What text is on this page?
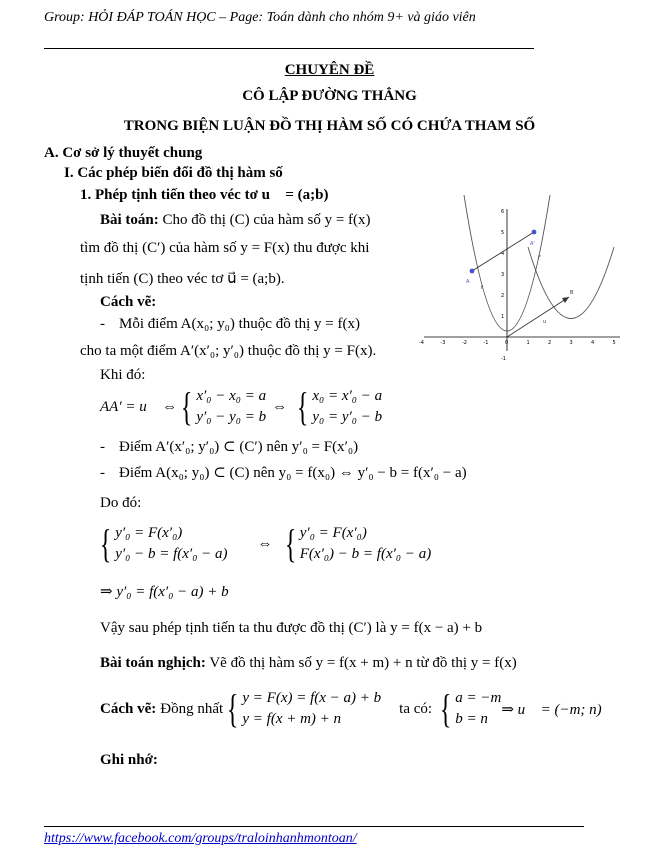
Group: HỎI ĐÁP TOÁN HỌC – Page: Toán dành cho nhóm 9+ và giáo viên
CHUYÊN ĐỀ
CÔ LẬP ĐƯỜNG THẲNG
TRONG BIỆN LUẬN ĐỒ THỊ HÀM SỐ CÓ CHỨA THAM SỐ
A. Cơ sở lý thuyết chung
I. Các phép biến đổi đồ thị hàm số
1. Phép tịnh tiến theo véc tơ u⃗ = (a;b)
Bài toán: Cho đồ thị (C) của hàm số y = f(x)
tìm đồ thị (C′) của hàm số y = F(x) thu được khi
tịnh tiến (C) theo véc tơ u⃗ = (a;b).
Cách vẽ:
- Mỗi điểm A(x₀; y₀) thuộc đồ thị y = f(x)
cho ta một điểm A′(x′₀; y′₀) thuộc đồ thị y = F(x).
Khi đó:
AA′ = u⃗ ⇔ { x′₀ − x₀ = a
y′₀ − y₀ = b
⇔ { x₀ = x′₀ − a
y₀ = y′₀ − b
- Điểm A′(x′₀; y′₀) ⊂ (C′) nên y′₀ = F(x′₀)
- Điểm A(x₀; y₀) ⊂ (C) nên y₀ = f(x₀) ⇔ y′₀ − b = f(x′₀ − a)
Do đó:
{ y′₀ = F(x′₀)
y′₀ − b = f(x′₀ − a)
⇔ { y′₀ = F(x′₀)
F(x′₀) − b = f(x′₀ − a)
⇒ y′₀ = f(x′₀ − a) + b
Vậy sau phép tịnh tiến ta thu được đồ thị (C′) là y = f(x − a) + b
Bài toán nghịch: Vẽ đồ thị hàm số y = f(x + m) + n từ đồ thị y = f(x)
Cách vẽ: Đồng nhất { y = F(x) = f(x − a) + b
y = f(x + m) + n
ta có: { a = −m
b = n
⇒ u⃗ = (−m; n)
Ghi nhớ:
https://www.facebook.com/groups/traloinhanhmontoan/
-4	-3	-2	-1	0	1	2	3	4	5
6
5
4
3
2
1
-1
A
A'
f
F
B
u
